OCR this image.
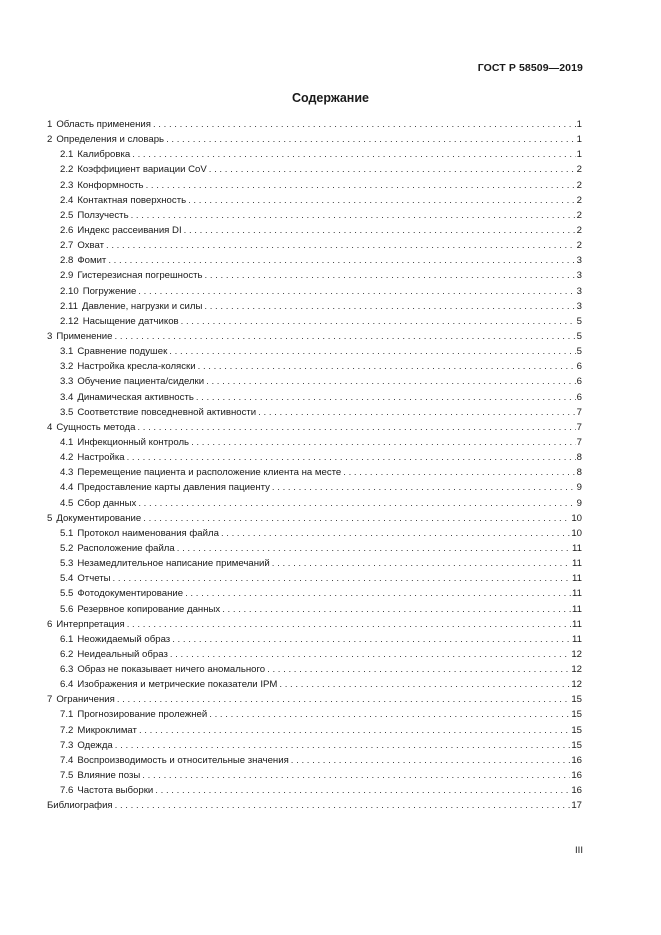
ГОСТ Р 58509—2019
Содержание
1 Область применения . . .	1
2 Определения и словарь . . .	1
2.1 Калибровка . . .	1
2.2 Коэффициент вариации CoV . . .	2
2.3 Конформность . . .	2
2.4 Контактная поверхность . . .	2
2.5 Ползучесть . . .	2
2.6 Индекс рассеивания DI . . .	2
2.7 Охват . . .	2
2.8 Фомит . . .	3
2.9 Гистерезисная погрешность . . .	3
2.10 Погружение . . .	3
2.11 Давление, нагрузки и силы . . .	3
2.12 Насыщение датчиков . . .	5
3 Применение . . .	5
3.1 Сравнение подушек . . .	5
3.2 Настройка кресла-коляски . . .	6
3.3 Обучение пациента/сиделки . . .	6
3.4 Динамическая активность . . .	6
3.5 Соответствие повседневной активности . . .	7
4 Сущность метода . . .	7
4.1 Инфекционный контроль . . .	7
4.2 Настройка . . .	8
4.3 Перемещение пациента и расположение клиента на месте . . .	8
4.4 Предоставление карты давления пациенту . . .	9
4.5 Сбор данных . . .	9
5 Документирование . . .	10
5.1 Протокол наименования файла . . .	10
5.2 Расположение файла . . .	11
5.3 Незамедлительное написание примечаний . . .	11
5.4 Отчеты . . .	11
5.5 Фотодокументирование . . .	11
5.6 Резервное копирование данных . . .	11
6 Интерпретация . . .	11
6.1 Неожидаемый образ . . .	11
6.2 Неидеальный образ . . .	12
6.3 Образ не показывает ничего аномального . . .	12
6.4 Изображения и метрические показатели IPM . . .	12
7 Ограничения . . .	15
7.1 Прогнозирование пролежней . . .	15
7.2 Микроклимат . . .	15
7.3 Одежда . . .	15
7.4 Воспроизводимость и относительные значения . . .	16
7.5 Влияние позы . . .	16
7.6 Частота выборки . . .	16
Библиография . . .	17
III
